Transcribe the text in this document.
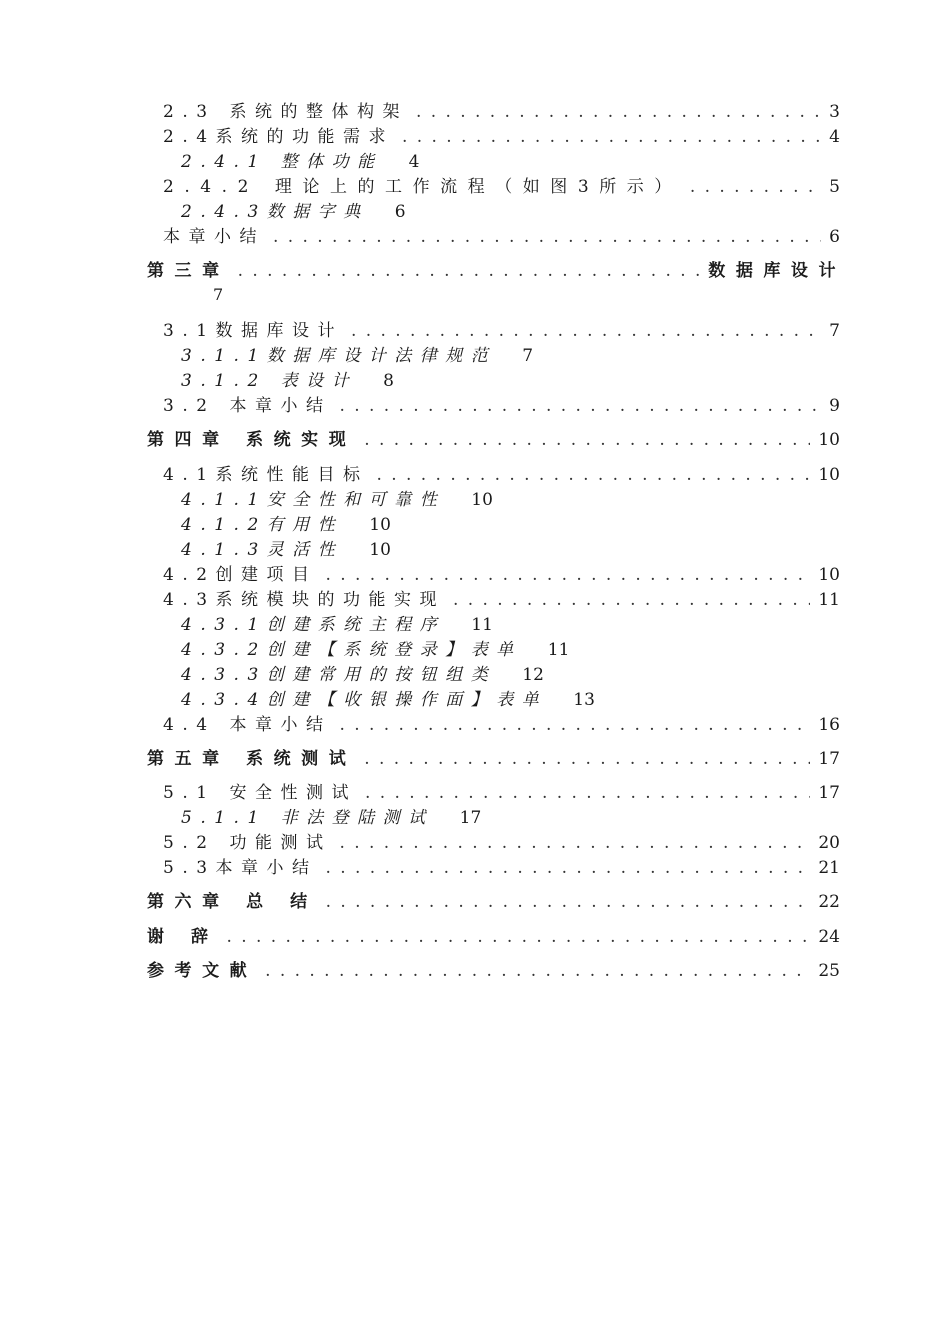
2.3 系统的整体构架 .....	3
2.4系统的功能需求 .....	4
2.4.1 整体功能 4
2.4.2 理论上的工作流程（如图3所示） .....	5
2.4.3数据字典 6
本章小结 .....	6
第三章 .....	数据库设计
7
3.1数据库设计 .....	7
3.1.1数据库设计法律规范 7
3.1.2 表设计 8
3.2 本章小结 .....	9
第四章 系统实现 .....	10
4.1系统性能目标 .....	10
4.1.1安全性和可靠性 10
4.1.2有用性 10
4.1.3灵活性 10
4.2创建项目 .....	10
4.3系统模块的功能实现 .....	11
4.3.1创建系统主程序 11
4.3.2创建【系统登录】表单 11
4.3.3创建常用的按钮组类 12
4.3.4创建【收银操作面】表单 13
4.4 本章小结 .....	16
第五章 系统测试 .....	17
5.1 安全性测试 .....	17
5.1.1 非法登陆测试 17
5.2 功能测试 .....	20
5.3本章小结 .....	21
第六章 总 结 .....	22
谢 辞 .....	24
参考文献 .....	25
